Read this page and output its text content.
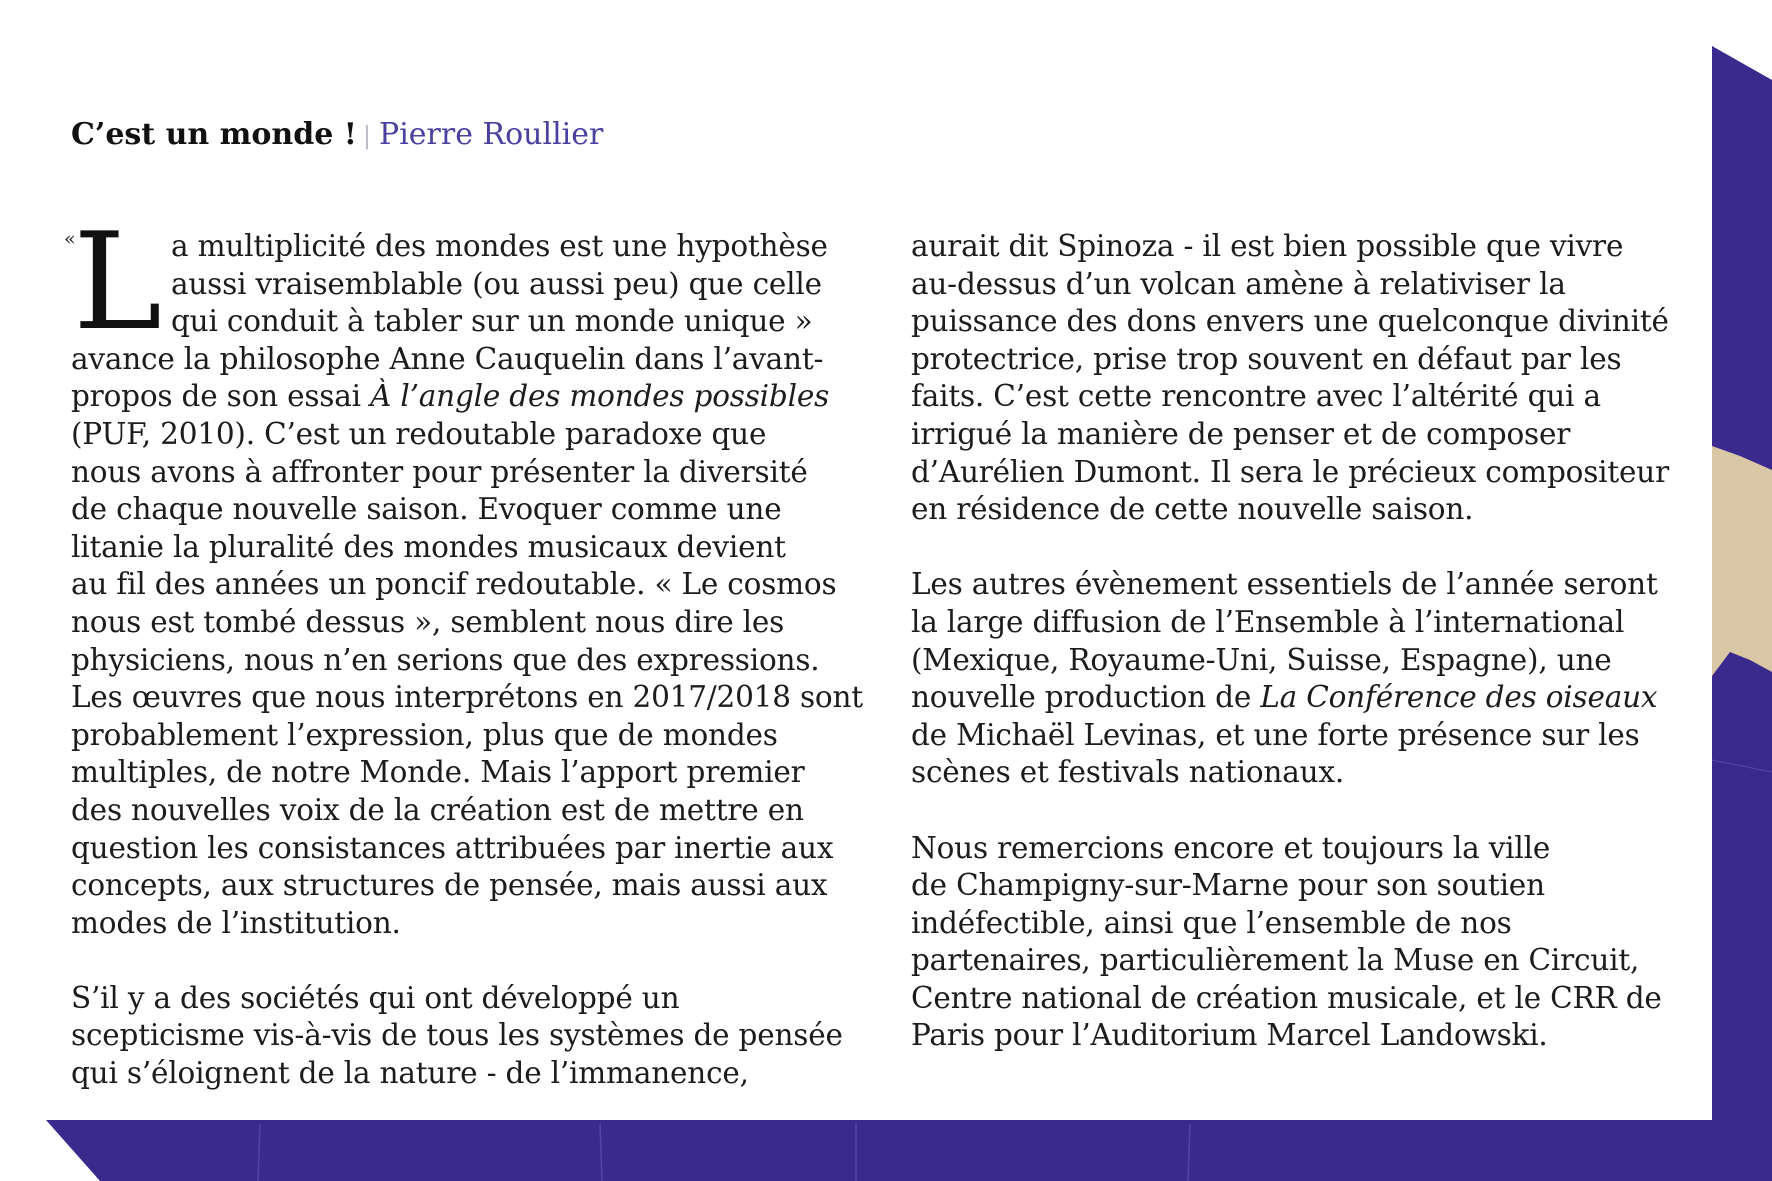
C’est un monde ! | Pierre Roullier
«
L a multiplicité des mondes est une hypothèse

aussi vraisemblable (ou aussi peu) que celle

qui conduit à tabler sur un monde unique »

avance la philosophe Anne Cauquelin dans l’avant-

propos de son essai À l’angle des mondes possibles

(PUF, 2010). C’est un redoutable paradoxe que

nous avons à affronter pour présenter la diversité

de chaque nouvelle saison. Evoquer comme une

litanie la pluralité des mondes musicaux devient

au fil des années un poncif redoutable. « Le cosmos

nous est tombé dessus », semblent nous dire les

physiciens, nous n’en serions que des expressions.

Les œuvres que nous interprétons en 2017/2018 sont

probablement l’expression, plus que de mondes

multiples, de notre Monde. Mais l’apport premier

des nouvelles voix de la création est de mettre en

question les consistances attribuées par inertie aux

concepts, aux structures de pensée, mais aussi aux

modes de l’institution.

S’il y a des sociétés qui ont développé un

scepticisme vis-à-vis de tous les systèmes de pensée

qui s’éloignent de la nature - de l’immanence,

aurait dit Spinoza - il est bien possible que vivre

au-dessus d’un volcan amène à relativiser la

puissance des dons envers une quelconque divinité

protectrice, prise trop souvent en défaut par les

faits. C’est cette rencontre avec l’altérité qui a

irrigué la manière de penser et de composer

d’Aurélien Dumont. Il sera le précieux compositeur

en résidence de cette nouvelle saison.

Les autres évènement essentiels de l’année seront

la large diffusion de l’Ensemble à l’international

(Mexique, Royaume-Uni, Suisse, Espagne), une

nouvelle production de La Conférence des oiseaux

de Michaël Levinas, et une forte présence sur les

scènes et festivals nationaux.

Nous remercions encore et toujours la ville

de Champigny-sur-Marne pour son soutien

indéfectible, ainsi que l’ensemble de nos

partenaires, particulièrement la Muse en Circuit,

Centre national de création musicale, et le CRR de

Paris pour l’Auditorium Marcel Landowski.
